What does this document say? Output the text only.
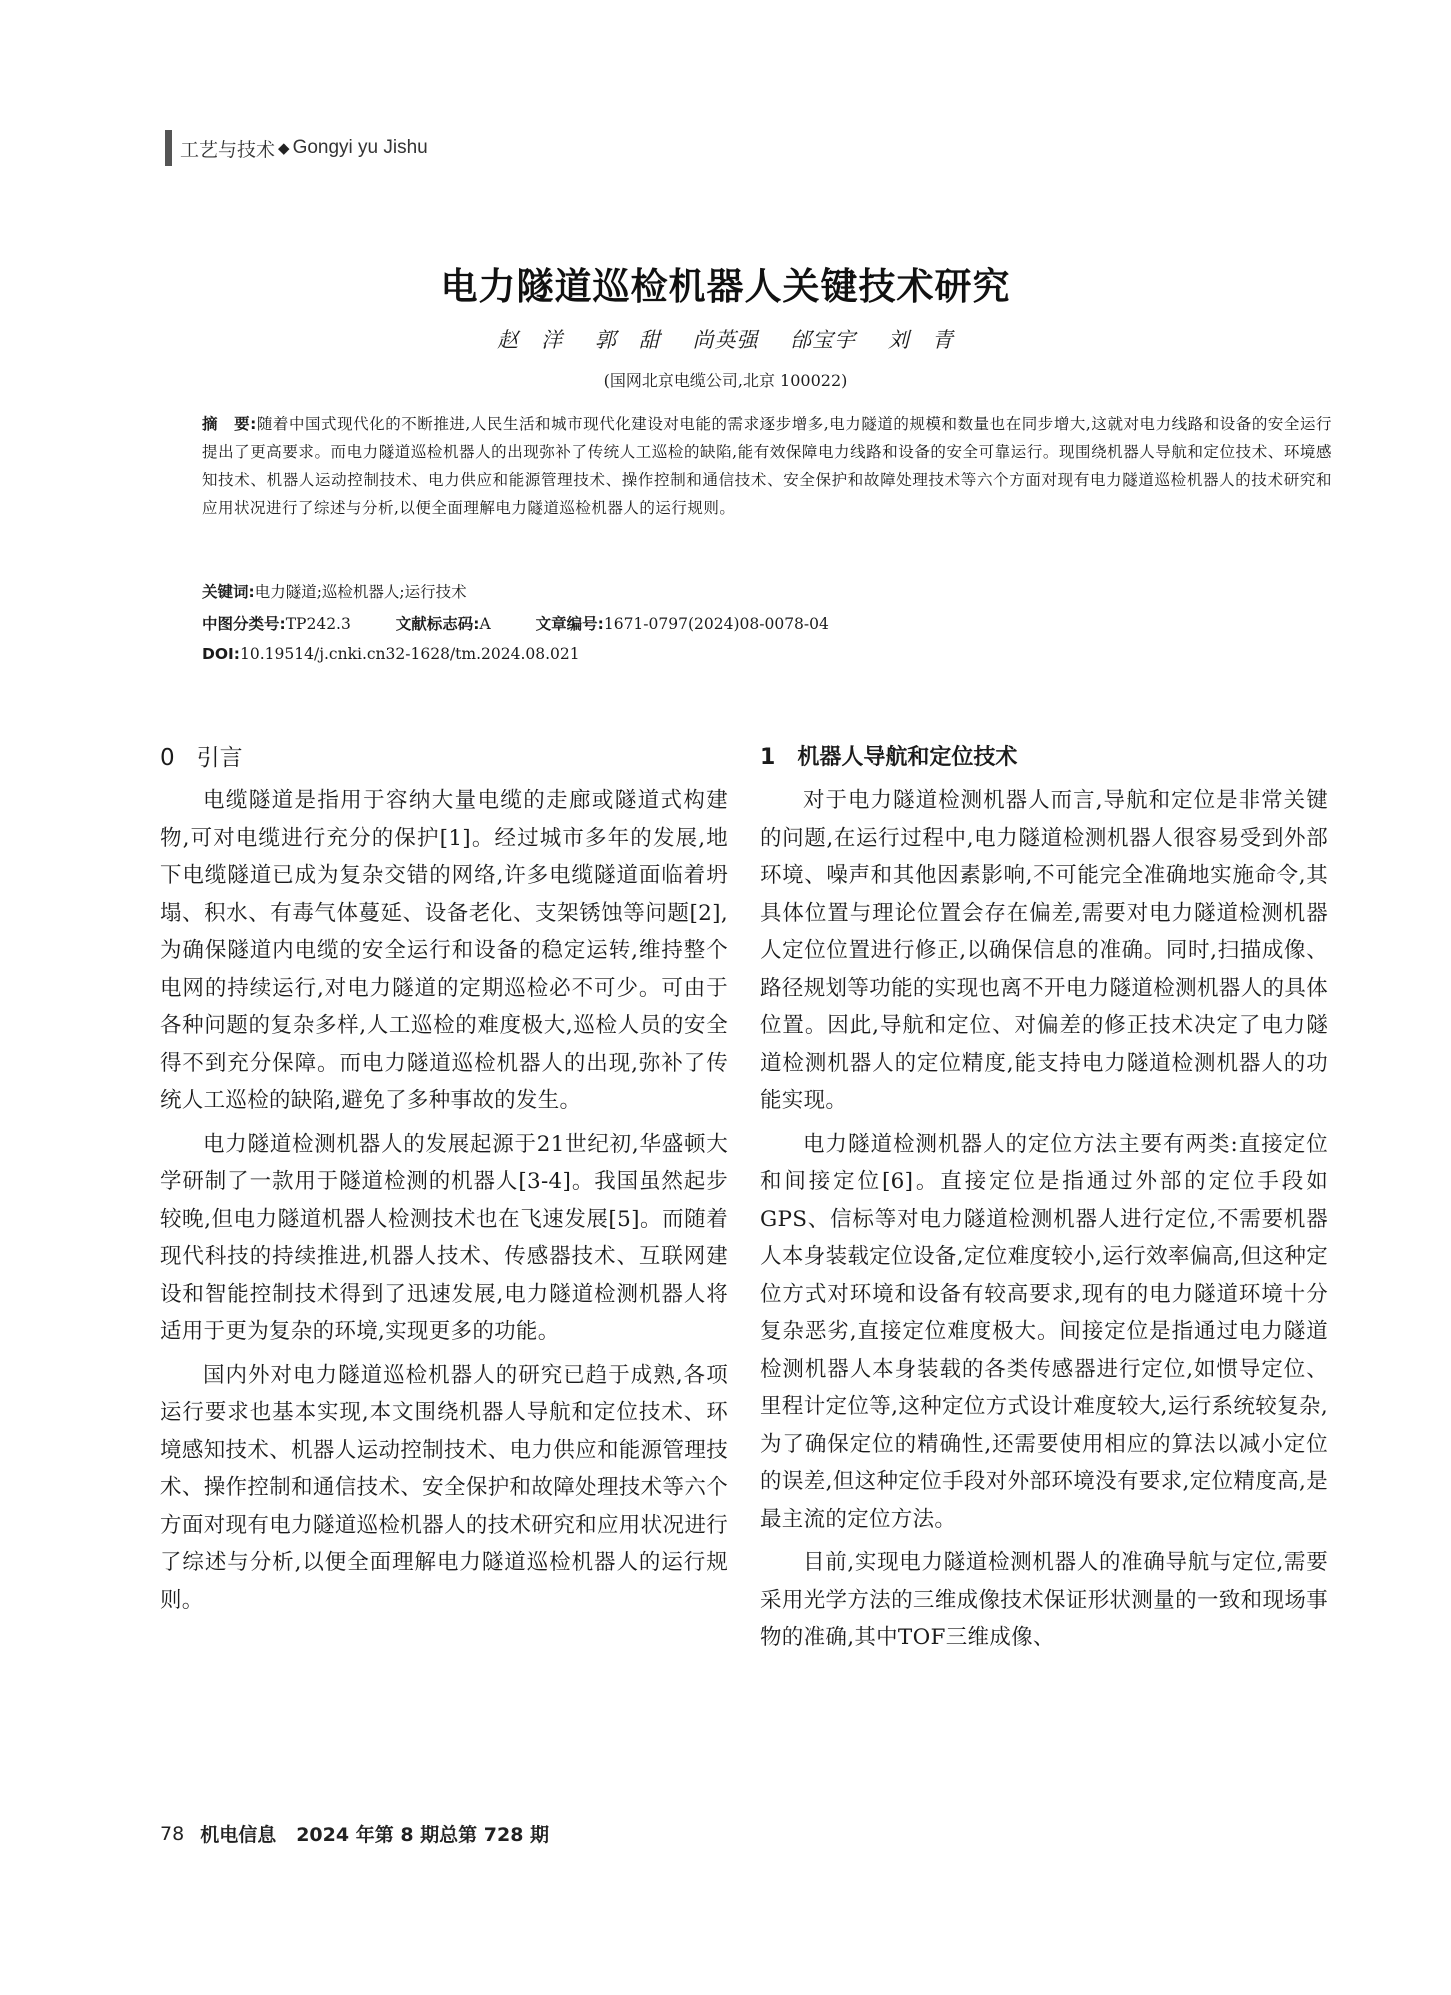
工艺与技术 ◆ Gongyi yu Jishu
电力隧道巡检机器人关键技术研究
赵　洋 郭　甜 尚英强 邰宝宇 刘　青
(国网北京电缆公司,北京 100022)
摘　要:随着中国式现代化的不断推进,人民生活和城市现代化建设对电能的需求逐步增多,电力隧道的规模和数量也在同步增大,这就对电力线路和设备的安全运行提出了更高要求。而电力隧道巡检机器人的出现弥补了传统人工巡检的缺陷,能有效保障电力线路和设备的安全可靠运行。现围绕机器人导航和定位技术、环境感知技术、机器人运动控制技术、电力供应和能源管理技术、操作控制和通信技术、安全保护和故障处理技术等六个方面对现有电力隧道巡检机器人的技术研究和应用状况进行了综述与分析,以便全面理解电力隧道巡检机器人的运行规则。
关键词:电力隧道;巡检机器人;运行技术
中图分类号:TP242.3	文献标志码:A	文章编号:1671-0797(2024)08-0078-04
DOI:10.19514/j.cnki.cn32-1628/tm.2024.08.021
0 引言

电缆隧道是指用于容纳大量电缆的走廊或隧道式构建物,可对电缆进行充分的保护[1]。经过城市多年的发展,地下电缆隧道已成为复杂交错的网络,许多电缆隧道面临着坍塌、积水、有毒气体蔓延、设备老化、支架锈蚀等问题[2],为确保隧道内电缆的安全运行和设备的稳定运转,维持整个电网的持续运行,对电力隧道的定期巡检必不可少。可由于各种问题的复杂多样,人工巡检的难度极大,巡检人员的安全得不到充分保障。而电力隧道巡检机器人的出现,弥补了传统人工巡检的缺陷,避免了多种事故的发生。

电力隧道检测机器人的发展起源于21世纪初,华盛顿大学研制了一款用于隧道检测的机器人[3-4]。我国虽然起步较晚,但电力隧道机器人检测技术也在飞速发展[5]。而随着现代科技的持续推进,机器人技术、传感器技术、互联网建设和智能控制技术得到了迅速发展,电力隧道检测机器人将适用于更为复杂的环境,实现更多的功能。

国内外对电力隧道巡检机器人的研究已趋于成熟,各项运行要求也基本实现,本文围绕机器人导航和定位技术、环境感知技术、机器人运动控制技术、电力供应和能源管理技术、操作控制和通信技术、安全保护和故障处理技术等六个方面对现有电力隧道巡检机器人的技术研究和应用状况进行了综述与分析,以便全面理解电力隧道巡检机器人的运行规则。

1 机器人导航和定位技术

对于电力隧道检测机器人而言,导航和定位是非常关键的问题,在运行过程中,电力隧道检测机器人很容易受到外部环境、噪声和其他因素影响,不可能完全准确地实施命令,其具体位置与理论位置会存在偏差,需要对电力隧道检测机器人定位位置进行修正,以确保信息的准确。同时,扫描成像、路径规划等功能的实现也离不开电力隧道检测机器人的具体位置。因此,导航和定位、对偏差的修正技术决定了电力隧道检测机器人的定位精度,能支持电力隧道检测机器人的功能实现。

电力隧道检测机器人的定位方法主要有两类:直接定位和间接定位[6]。直接定位是指通过外部的定位手段如GPS、信标等对电力隧道检测机器人进行定位,不需要机器人本身装载定位设备,定位难度较小,运行效率偏高,但这种定位方式对环境和设备有较高要求,现有的电力隧道环境十分复杂恶劣,直接定位难度极大。间接定位是指通过电力隧道检测机器人本身装载的各类传感器进行定位,如惯导定位、里程计定位等,这种定位方式设计难度较大,运行系统较复杂,为了确保定位的精确性,还需要使用相应的算法以减小定位的误差,但这种定位手段对外部环境没有要求,定位精度高,是最主流的定位方法。

目前,实现电力隧道检测机器人的准确导航与定位,需要采用光学方法的三维成像技术保证形状测量的一致和现场事物的准确,其中TOF三维成像、

78 机电信息 2024 年第 8 期总第 728 期
